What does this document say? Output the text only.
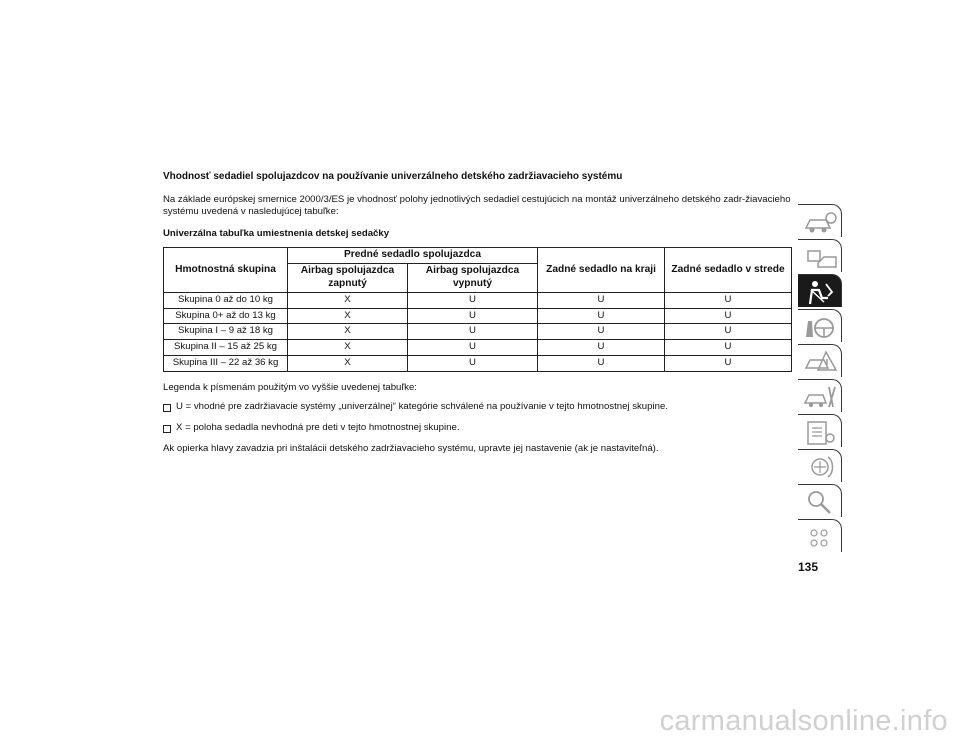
Vhodnosť sedadiel spolujazdcov na používanie univerzálneho detského zadržiavacieho systému

Na základe európskej smernice 2000/3/ES je vhodnosť polohy jednotlivých sedadiel cestujúcich na montáž univerzálneho detského zadr-žiavacieho systému uvedená v nasledujúcej tabuľke:

Univerzálna tabuľka umiestnenia detskej sedačky

Hmotnostná skupina	Predné sedadlo spolujazdca		Zadné sedadlo na kraji	Zadné sedadlo v strede
	Airbag spolujazdca zapnutý	Airbag spolujazdca vypnutý		
Skupina 0 až do 10 kg	X	U	U	U
Skupina 0+ až do 13 kg	X	U	U	U
Skupina I – 9 až 18 kg	X	U	U	U
Skupina II – 15 až 25 kg	X	U	U	U
Skupina III – 22 až 36 kg	X	U	U	U

Legenda k písmenám použitým vo vyššie uvedenej tabuľke:

U = vhodné pre zadržiavacie systémy „univerzálnej“ kategórie schválené na používanie v tejto hmotnostnej skupine.
X = poloha sedadla nevhodná pre deti v tejto hmotnostnej skupine.

Ak opierka hlavy zavadzia pri inštalácii detského zadržiavacieho systému, upravte jej nastavenie (ak je nastaviteľná).

135
carmanualsonline.info
